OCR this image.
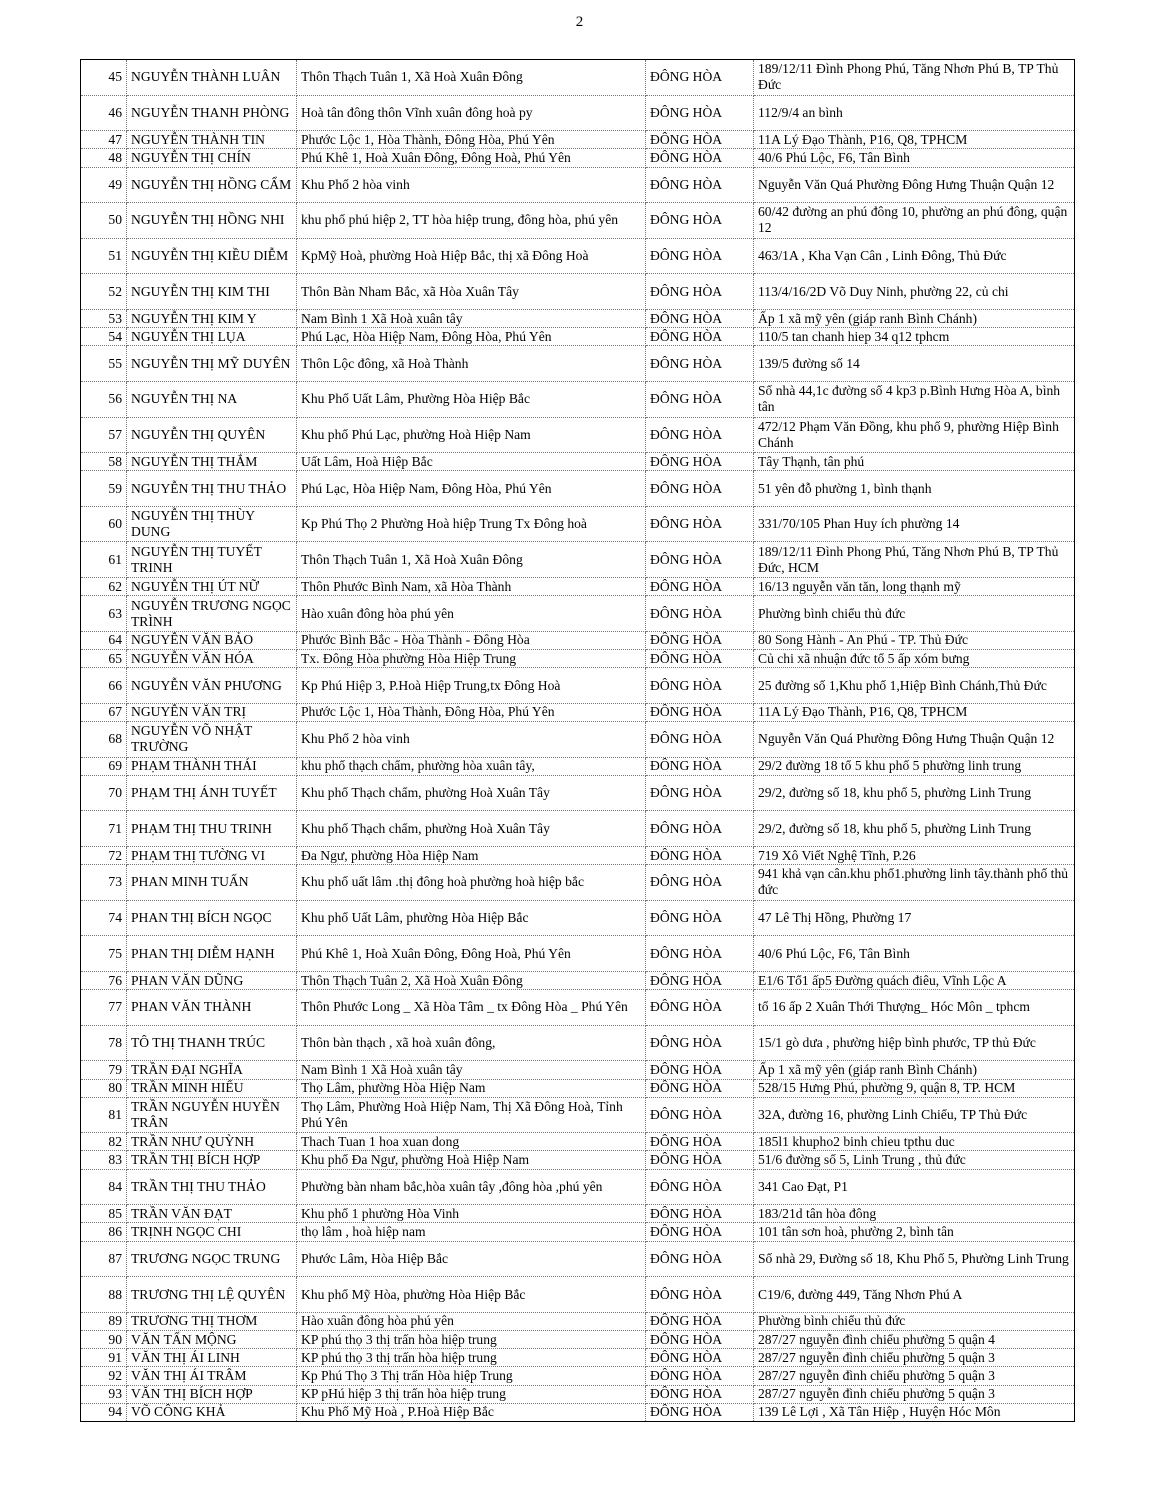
2
45	NGUYỄN THÀNH LUÂN	Thôn Thạch Tuân 1, Xã Hoà Xuân Đông	ĐÔNG HÒA	189/12/11 Đình Phong Phú, Tăng Nhơn Phú B, TP Thủ Đức
46	NGUYỄN THANH PHÒNG	Hoà tân đông thôn Vĩnh xuân đông hoà py	ĐÔNG HÒA	112/9/4 an bình
47	NGUYỄN THÀNH TIN	Phước Lộc 1, Hòa Thành, Đông Hòa, Phú Yên	ĐÔNG HÒA	11A Lý Đạo Thành, P16, Q8, TPHCM
48	NGUYỄN THỊ CHÍN	Phú Khê 1, Hoà Xuân Đông, Đông Hoà, Phú Yên	ĐÔNG HÒA	40/6 Phú Lộc, F6, Tân Bình
49	NGUYỄN THỊ HỒNG CẨM	Khu Phố 2 hòa vinh	ĐÔNG HÒA	Nguyễn Văn Quá Phường Đông Hưng Thuận Quận 12
50	NGUYỄN THỊ HỒNG NHI	khu phố phú hiệp 2, TT hòa hiệp trung, đông hòa, phú yên	ĐÔNG HÒA	60/42 đường an phú đông 10, phường an phú đông, quận 12
51	NGUYỄN THỊ KIỀU DIỄM	KpMỹ Hoà, phường Hoà Hiệp Bắc, thị xã Đông Hoà	ĐÔNG HÒA	463/1A , Kha Vạn Cân , Linh Đông, Thủ Đức
52	NGUYỄN THỊ KIM THI	Thôn Bàn Nham Bắc, xã Hòa Xuân Tây	ĐÔNG HÒA	113/4/16/2D Võ Duy Ninh, phường 22, củ chi
53	NGUYỄN THỊ KIM Y	Nam Bình 1 Xã Hoà xuân tây	ĐÔNG HÒA	Ấp 1 xã mỹ yên (giáp ranh Bình Chánh)
54	NGUYỄN THỊ LỤA	Phú Lạc, Hòa Hiệp Nam, Đông Hòa, Phú Yên	ĐÔNG HÒA	110/5 tan chanh hiep 34 q12 tphcm
55	NGUYỄN THỊ MỸ DUYÊN	Thôn Lộc đông, xã Hoà Thành	ĐÔNG HÒA	139/5 đường số 14
56	NGUYỄN THỊ NA	Khu Phố Uất Lâm, Phường Hòa Hiệp Bắc	ĐÔNG HÒA	Số nhà 44,1c đường số 4 kp3 p.Bình Hưng Hòa A, bình tân
57	NGUYỄN THỊ QUYÊN	Khu phố Phú Lạc, phường Hoà Hiệp Nam	ĐÔNG HÒA	472/12 Phạm Văn Đồng, khu phố 9, phường Hiệp Bình Chánh
58	NGUYỄN THỊ THẮM	Uất Lâm, Hoà Hiệp Bắc	ĐÔNG HÒA	Tây Thạnh, tân phú
59	NGUYỄN THỊ THU THẢO	Phú Lạc, Hòa Hiệp Nam, Đông Hòa, Phú Yên	ĐÔNG HÒA	51 yên đỗ phường 1, bình thạnh
60	NGUYỄN THỊ THÙY DUNG	Kp Phú Thọ 2 Phường Hoà hiệp Trung Tx Đông hoà	ĐÔNG HÒA	331/70/105 Phan Huy ích phường 14
61	NGUYỄN THỊ TUYẾT TRINH	Thôn Thạch Tuân 1, Xã Hoà Xuân Đông	ĐÔNG HÒA	189/12/11 Đình Phong Phú, Tăng Nhơn Phú B, TP Thủ Đức, HCM
62	NGUYỄN THỊ ÚT NỮ	Thôn Phước Bình Nam, xã Hòa Thành	ĐÔNG HÒA	16/13 nguyễn văn tăn, long thạnh mỹ
63	NGUYỄN TRƯƠNG NGỌC TRÌNH	Hào xuân đông hòa phú yên	ĐÔNG HÒA	Phường bình chiểu thủ đức
64	NGUYỄN VĂN BẢO	Phước Bình Bắc - Hòa Thành - Đông Hòa	ĐÔNG HÒA	80 Song Hành - An Phú - TP. Thủ Đức
65	NGUYỄN VĂN HÓA	Tx. Đông Hòa phường Hòa Hiệp Trung	ĐÔNG HÒA	Củ chi xã nhuận đức tổ 5 ấp xóm bưng
66	NGUYỄN VĂN PHƯƠNG	Kp Phú Hiệp 3, P.Hoà Hiệp Trung,tx Đông Hoà	ĐÔNG HÒA	25 đường số 1,Khu phố 1,Hiệp Bình Chánh,Thủ Đức
67	NGUYỄN VĂN TRỊ	Phước Lộc 1, Hòa Thành, Đông Hòa, Phú Yên	ĐÔNG HÒA	11A Lý Đạo Thành, P16, Q8, TPHCM
68	NGUYỄN VÕ NHẬT TRƯỜNG	Khu Phố 2 hòa vinh	ĐÔNG HÒA	Nguyễn Văn Quá Phường Đông Hưng Thuận Quận 12
69	PHẠM THÀNH THÁI	khu phố thạch chẩm, phường hòa xuân tây,	ĐÔNG HÒA	29/2 đường 18 tổ 5 khu phố 5 phường linh trung
70	PHẠM THỊ ÁNH TUYẾT	Khu phố Thạch chẩm, phường Hoà Xuân Tây	ĐÔNG HÒA	29/2, đường số 18, khu phố 5, phường Linh Trung
71	PHẠM THỊ THU TRINH	Khu phố Thạch chẩm, phường Hoà Xuân Tây	ĐÔNG HÒA	29/2, đường số 18, khu phố 5, phường Linh Trung
72	PHẠM THỊ TƯỜNG VI	Đa Ngư, phường Hòa Hiệp Nam	ĐÔNG HÒA	719 Xô Viết Nghệ Tĩnh, P.26
73	PHAN MINH TUẤN	Khu phố uất lâm .thị đông hoà phường hoà hiệp bắc	ĐÔNG HÒA	941 khả vạn cân.khu phố1.phường linh tây.thành phố thủ đức
74	PHAN THỊ BÍCH NGỌC	Khu phố Uất Lâm, phường Hòa Hiệp Bắc	ĐÔNG HÒA	47 Lê Thị Hồng, Phường 17
75	PHAN THỊ DIỄM HẠNH	Phú Khê 1, Hoà Xuân Đông, Đông Hoà, Phú Yên	ĐÔNG HÒA	40/6 Phú Lộc, F6, Tân Bình
76	PHAN VĂN DŨNG	Thôn Thạch Tuân 2, Xã Hoà Xuân Đông	ĐÔNG HÒA	E1/6 Tổ1 ấp5 Đường quách điêu, Vĩnh Lộc A
77	PHAN VĂN THÀNH	Thôn Phước Long _ Xã Hòa Tâm _ tx Đông Hòa _ Phú Yên	ĐÔNG HÒA	tổ 16 ấp 2 Xuân Thới Thượng_ Hóc Môn _ tphcm
78	TÔ THỊ THANH TRÚC	Thôn bàn thạch , xã hoà xuân đông,	ĐÔNG HÒA	15/1 gò dưa , phường hiệp bình phước, TP thủ Đức
79	TRẦN ĐẠI NGHĨA	Nam Bình 1 Xã Hoà xuân tây	ĐÔNG HÒA	Ấp 1 xã mỹ yên (giáp ranh Bình Chánh)
80	TRẦN MINH HIẾU	Thọ Lâm, phường Hòa Hiệp Nam	ĐÔNG HÒA	528/15 Hưng Phú, phường 9, quận 8, TP. HCM
81	TRẦN NGUYỄN HUYỀN TRÂN	Thọ Lâm, Phường Hoà Hiệp Nam, Thị Xã Đông Hoà, Tỉnh Phú Yên	ĐÔNG HÒA	32A, đường 16, phường Linh Chiểu, TP Thủ Đức
82	TRẦN NHƯ QUỲNH	Thach Tuan 1 hoa xuan dong	ĐÔNG HÒA	185l1 khupho2 binh chieu tpthu duc
83	TRẦN THỊ BÍCH HỢP	Khu phố Đa Ngư, phường Hoà Hiệp Nam	ĐÔNG HÒA	51/6 đường số 5, Linh Trung , thủ đức
84	TRẦN THỊ THU THẢO	Phường bàn nham bắc,hòa xuân tây ,đông hòa ,phú yên	ĐÔNG HÒA	341 Cao Đạt, P1
85	TRẦN VĂN ĐẠT	Khu phố 1 phường Hòa Vinh	ĐÔNG HÒA	183/21d tân hòa đông
86	TRỊNH NGỌC CHI	thọ lâm , hoà hiệp nam	ĐÔNG HÒA	101 tân sơn hoà, phường 2, bình tân
87	TRƯƠNG NGỌC TRUNG	Phước Lâm, Hòa Hiệp Bắc	ĐÔNG HÒA	Số nhà 29, Đường số 18, Khu Phố 5, Phường Linh Trung
88	TRƯƠNG THỊ LỆ QUYÊN	Khu phố Mỹ Hòa, phường Hòa Hiệp Bắc	ĐÔNG HÒA	C19/6, đường 449, Tăng Nhơn Phú A
89	TRƯƠNG THỊ THƠM	Hào xuân đông hòa phú yên	ĐÔNG HÒA	Phường bình chiểu thủ đức
90	VĂN TẤN MỘNG	KP phú thọ 3 thị trấn hòa hiệp trung	ĐÔNG HÒA	287/27 nguyễn đình chiểu phường 5 quận 4
91	VĂN THỊ ÁI LINH	KP phú thọ 3 thị trấn hòa hiệp trung	ĐÔNG HÒA	287/27 nguyễn đình chiểu phường 5 quận 3
92	VĂN THỊ ÁI TRÂM	Kp Phú Thọ 3 Thị trấn Hòa hiệp Trung	ĐÔNG HÒA	287/27 nguyễn đình chiểu phường 5 quận 3
93	VĂN THỊ BÍCH HỢP	KP pHú hiệp 3 thị trấn hòa hiệp trung	ĐÔNG HÒA	287/27 nguyễn đình chiểu phường 5 quận 3
94	VÕ CÔNG KHẢ	Khu Phố Mỹ Hoà , P.Hoà Hiệp Bắc	ĐÔNG HÒA	139 Lê Lợi , Xã Tân Hiệp , Huyện Hóc Môn
